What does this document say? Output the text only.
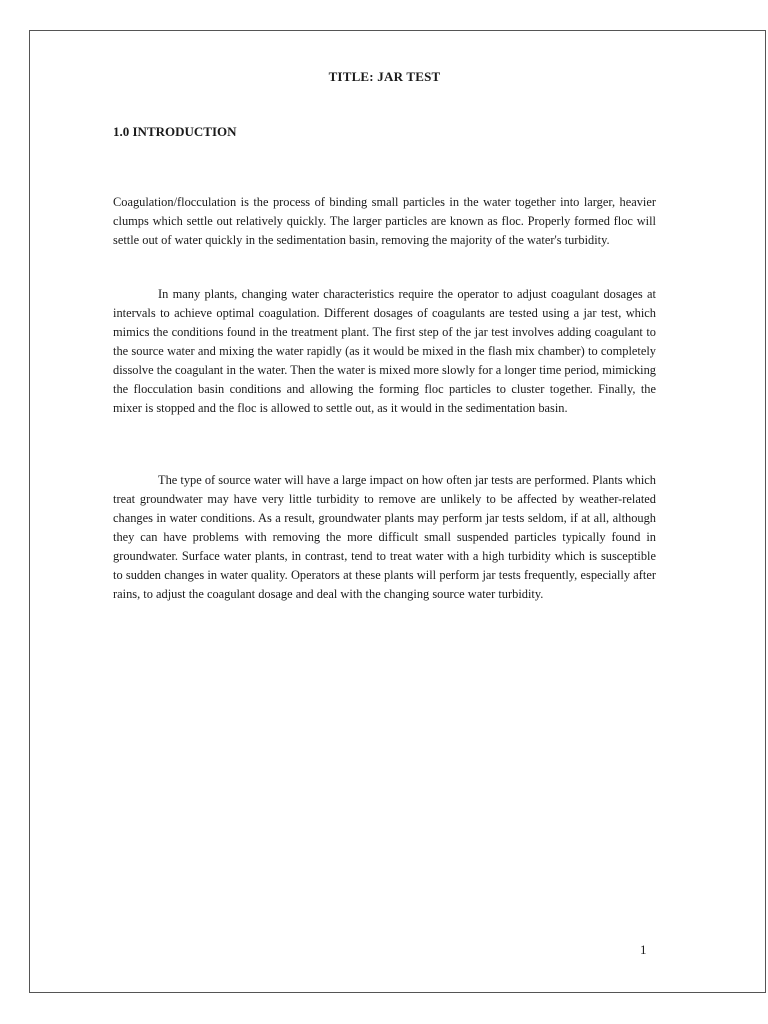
TITLE: JAR TEST
1.0 INTRODUCTION

Coagulation/flocculation is the process of binding small particles in the water together into larger, heavier clumps which settle out relatively quickly. The larger particles are known as floc. Properly formed floc will settle out of water quickly in the sedimentation basin, removing the majority of the water's turbidity.

In many plants, changing water characteristics require the operator to adjust coagulant dosages at intervals to achieve optimal coagulation. Different dosages of coagulants are tested using a jar test, which mimics the conditions found in the treatment plant. The first step of the jar test involves adding coagulant to the source water and mixing the water rapidly (as it would be mixed in the flash mix chamber) to completely dissolve the coagulant in the water. Then the water is mixed more slowly for a longer time period, mimicking the flocculation basin conditions and allowing the forming floc particles to cluster together. Finally, the mixer is stopped and the floc is allowed to settle out, as it would in the sedimentation basin.

The type of source water will have a large impact on how often jar tests are performed. Plants which treat groundwater may have very little turbidity to remove are unlikely to be affected by weather-related changes in water conditions. As a result, groundwater plants may perform jar tests seldom, if at all, although they can have problems with removing the more difficult small suspended particles typically found in groundwater. Surface water plants, in contrast, tend to treat water with a high turbidity which is susceptible to sudden changes in water quality. Operators at these plants will perform jar tests frequently, especially after rains, to adjust the coagulant dosage and deal with the changing source water turbidity.

1
